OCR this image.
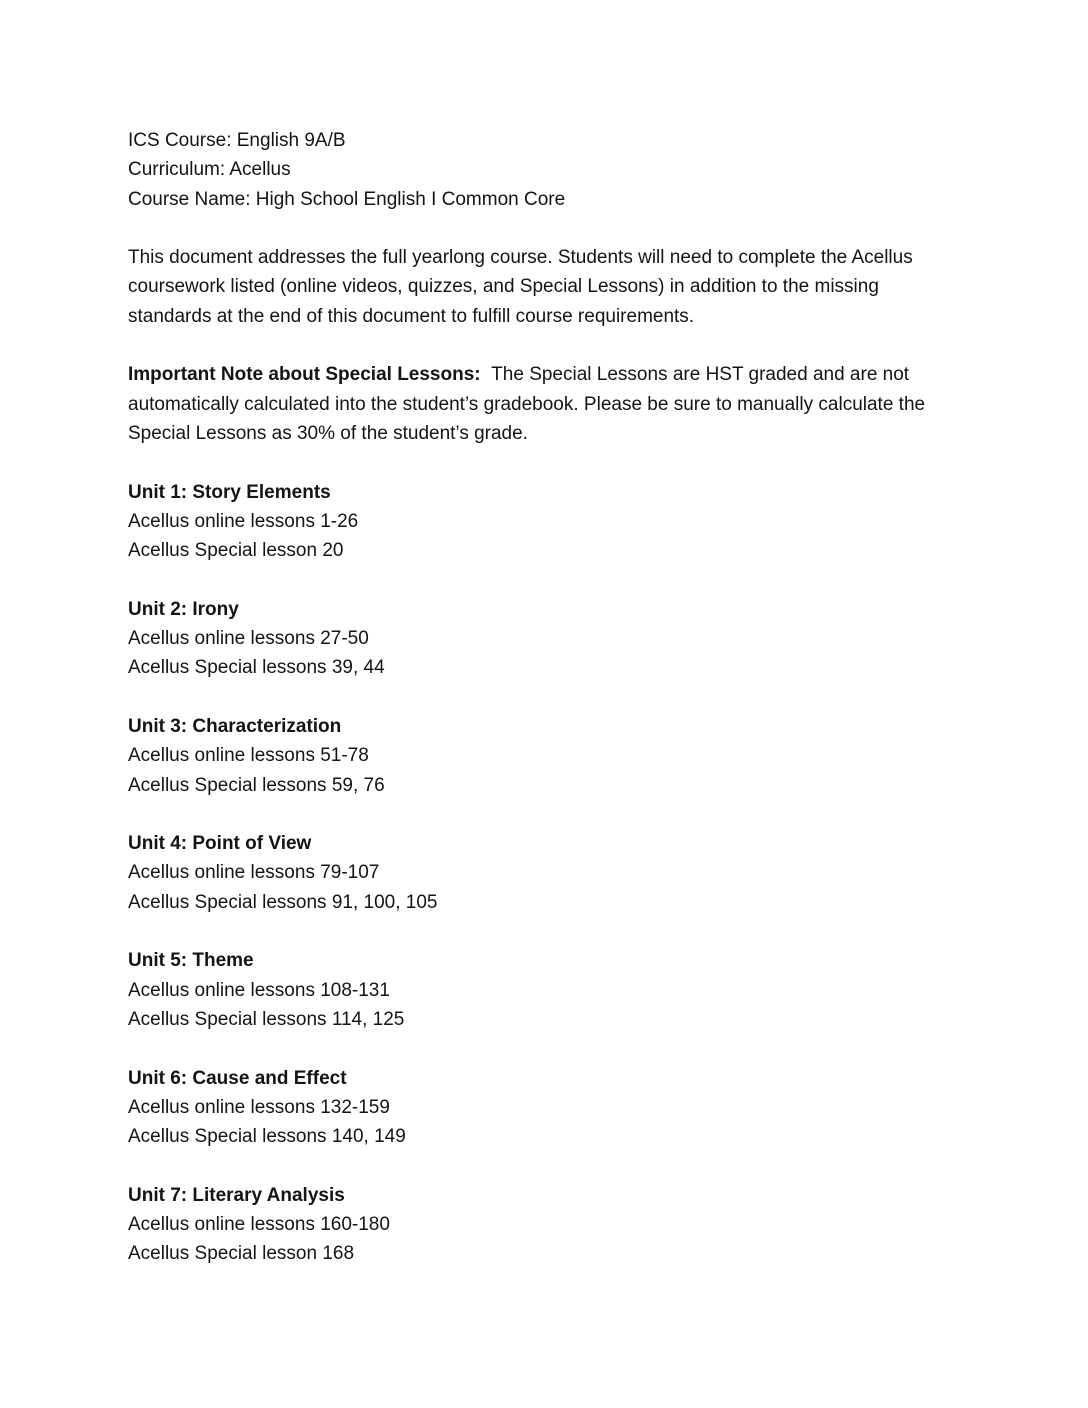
ICS Course: English 9A/B
Curriculum: Acellus
Course Name: High School English I Common Core
This document addresses the full yearlong course. Students will need to complete the Acellus
coursework listed (online videos, quizzes, and Special Lessons) in addition to the missing
standards at the end of this document to fulfill course requirements.
Important Note about Special Lessons: The Special Lessons are HST graded and are not
automatically calculated into the student’s gradebook. Please be sure to manually calculate the
Special Lessons as 30% of the student’s grade.
Unit 1: Story Elements
Acellus online lessons 1-26
Acellus Special lesson 20
Unit 2: Irony
Acellus online lessons 27-50
Acellus Special lessons 39, 44
Unit 3: Characterization
Acellus online lessons 51-78
Acellus Special lessons 59, 76
Unit 4: Point of View
Acellus online lessons 79-107
Acellus Special lessons 91, 100, 105
Unit 5: Theme
Acellus online lessons 108-131
Acellus Special lessons 114, 125
Unit 6: Cause and Effect
Acellus online lessons 132-159
Acellus Special lessons 140, 149
Unit 7: Literary Analysis
Acellus online lessons 160-180
Acellus Special lesson 168
